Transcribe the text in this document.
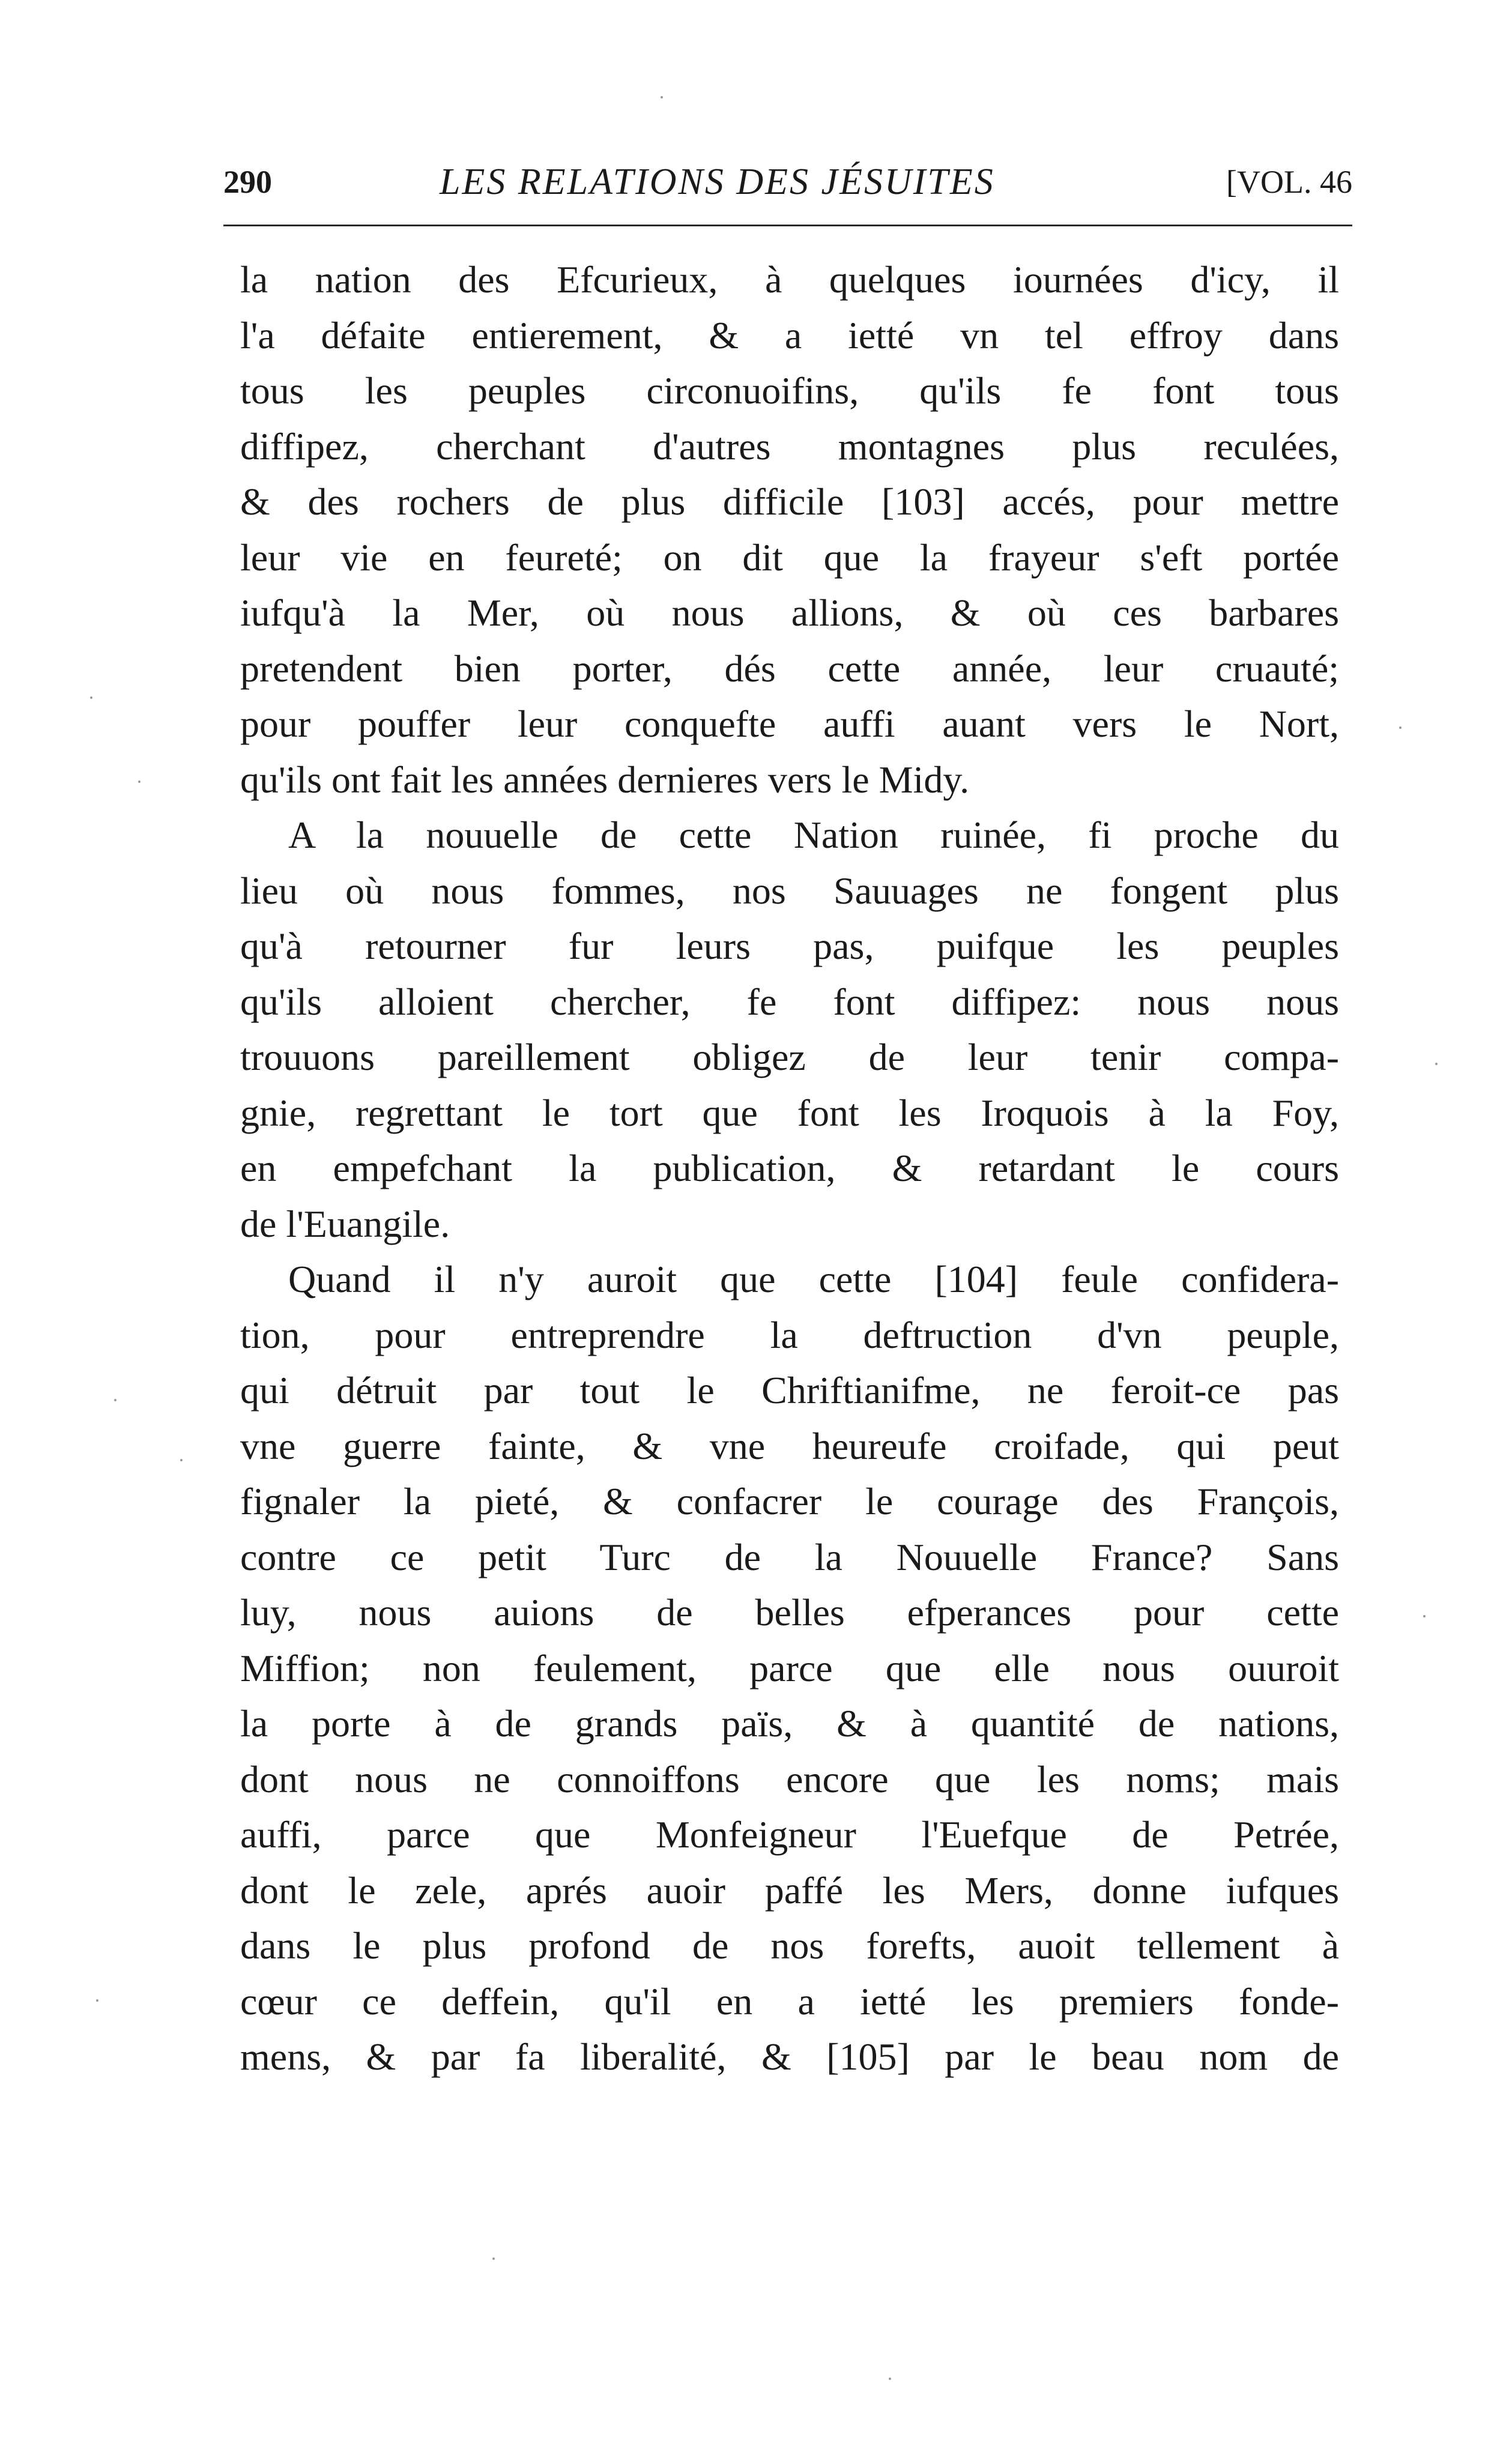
290	LES RELATIONS DES JÉSUITES	[VOL. 46
la nation des Efcurieux, à quelques iournées d'icy, il
l'a défaite entierement, & a ietté vn tel effroy dans
tous les peuples circonuoifins, qu'ils fe font tous
diffipez, cherchant d'autres montagnes plus reculées,
& des rochers de plus difficile [103] accés, pour mettre
leur vie en feureté; on dit que la frayeur s'eft portée
iufqu'à la Mer, où nous allions, & où ces barbares
pretendent bien porter, dés cette année, leur cruauté;
pour pouffer leur conquefte auffi auant vers le Nort,
qu'ils ont fait les années dernieres vers le Midy.
A la nouuelle de cette Nation ruinée, fi proche du
lieu où nous fommes, nos Sauuages ne fongent plus
qu'à retourner fur leurs pas, puifque les peuples
qu'ils alloient chercher, fe font diffipez: nous nous
trouuons pareillement obligez de leur tenir compa-
gnie, regrettant le tort que font les Iroquois à la Foy,
en empefchant la publication, & retardant le cours
de l'Euangile.
Quand il n'y auroit que cette [104] feule confidera-
tion, pour entreprendre la deftruction d'vn peuple,
qui détruit par tout le Chriftianifme, ne feroit-ce pas
vne guerre fainte, & vne heureufe croifade, qui peut
fignaler la pieté, & confacrer le courage des François,
contre ce petit Turc de la Nouuelle France? Sans
luy, nous auions de belles efperances pour cette
Miffion; non feulement, parce que elle nous ouuroit
la porte à de grands païs, & à quantité de nations,
dont nous ne connoiffons encore que les noms; mais
auffi, parce que Monfeigneur l'Euefque de Petrée,
dont le zele, aprés auoir paffé les Mers, donne iufques
dans le plus profond de nos forefts, auoit tellement à
cœur ce deffein, qu'il en a ietté les premiers fonde-
mens, & par fa liberalité, & [105] par le beau nom de
